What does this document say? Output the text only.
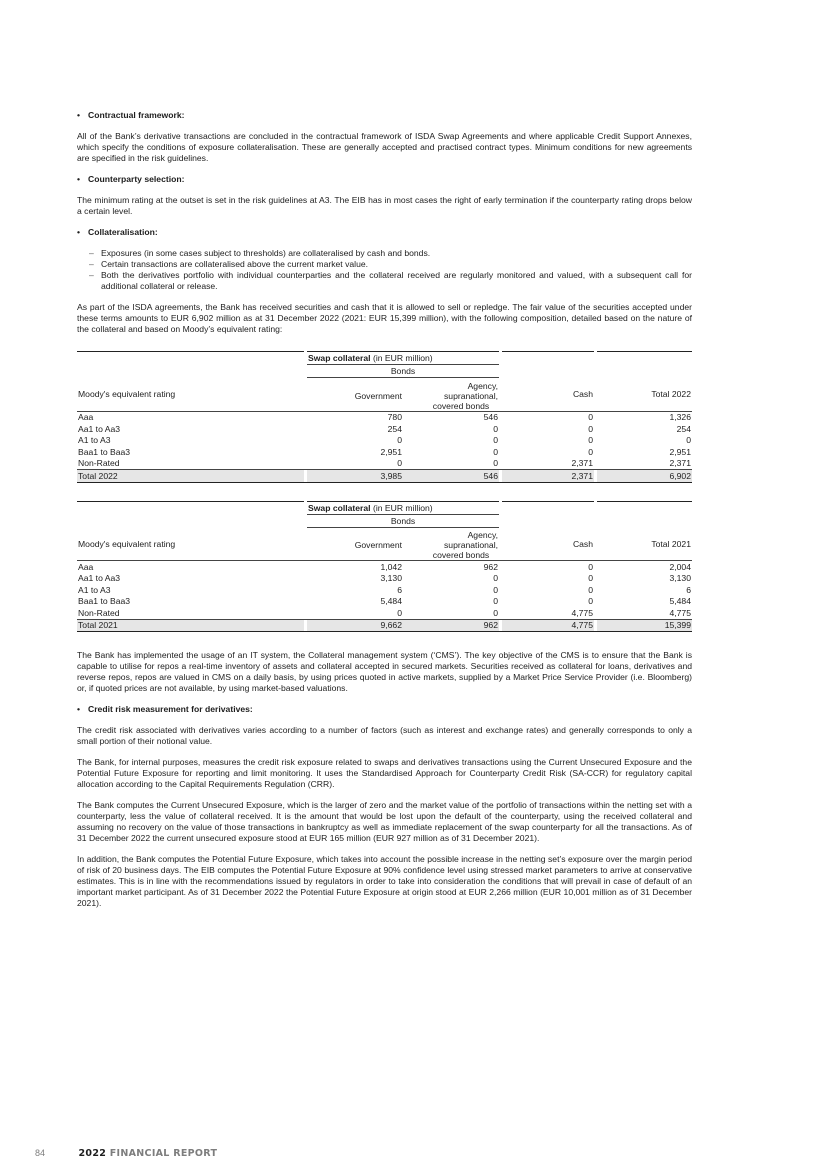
• Contractual framework:

All of the Bank’s derivative transactions are concluded in the contractual framework of ISDA Swap Agreements and where applicable Credit Support Annexes, which specify the conditions of exposure collateralisation. These are generally accepted and practised contract types. Minimum conditions for new agreements are specified in the risk guidelines.

• Counterparty selection:

The minimum rating at the outset is set in the risk guidelines at A3. The EIB has in most cases the right of early termination if the counterparty rating drops below a certain level.

• Collateralisation:
– Exposures (in some cases subject to thresholds) are collateralised by cash and bonds.
– Certain transactions are collateralised above the current market value.
– Both the derivatives portfolio with individual counterparties and the collateral received are regularly monitored and valued, with a subsequent call for additional collateral or release.

As part of the ISDA agreements, the Bank has received securities and cash that it is allowed to sell or repledge. The fair value of the securities accepted under these terms amounts to EUR 6,902 million as at 31 December 2022 (2021: EUR 15,399 million), with the following composition, detailed based on the nature of the collateral and based on Moody’s equivalent rating:

		Swap collateral (in EUR million)					
		Bonds					
Moody's equivalent rating		Government	Agency,
supranational,
covered bonds		Cash		Total 2022
Aaa		780	546		0		1,326
Aa1 to Aa3		254	0		0		254
A1 to A3		0	0		0		0
Baa1 to Baa3		2,951	0		0		2,951
Non-Rated		0	0		2,371		2,371
Total 2022		3,985	546		2,371		6,902
		Swap collateral (in EUR million)					
		Bonds					
Moody's equivalent rating		Government	Agency,
supranational,
covered bonds		Cash		Total 2021
Aaa		1,042	962		0		2,004
Aa1 to Aa3		3,130	0		0		3,130
A1 to A3		6	0		0		6
Baa1 to Baa3		5,484	0		0		5,484
Non-Rated		0	0		4,775		4,775
Total 2021		9,662	962		4,775		15,399

The Bank has implemented the usage of an IT system, the Collateral management system (‘CMS’). The key objective of the CMS is to ensure that the Bank is capable to utilise for repos a real-time inventory of assets and collateral accepted in secured markets. Securities received as collateral for loans, derivatives and reverse repos, repos are valued in CMS on a daily basis, by using prices quoted in active markets, supplied by a Market Price Service Provider (i.e. Bloomberg) or, if quoted prices are not available, by using market-based valuations.

• Credit risk measurement for derivatives:

The credit risk associated with derivatives varies according to a number of factors (such as interest and exchange rates) and generally corresponds to only a small portion of their notional value.

The Bank, for internal purposes, measures the credit risk exposure related to swaps and derivatives transactions using the Current Unsecured Exposure and the Potential Future Exposure for reporting and limit monitoring. It uses the Standardised Approach for Counterparty Credit Risk (SA-CCR) for regulatory capital allocation according to the Capital Requirements Regulation (CRR).

The Bank computes the Current Unsecured Exposure, which is the larger of zero and the market value of the portfolio of transactions within the netting set with a counterparty, less the value of collateral received. It is the amount that would be lost upon the default of the counterparty, using the received collateral and assuming no recovery on the value of those transactions in bankruptcy as well as immediate replacement of the swap counterparty for all the transactions. As of 31 December 2022 the current unsecured exposure stood at EUR 165 million (EUR 927 million as of 31 December 2021).

In addition, the Bank computes the Potential Future Exposure, which takes into account the possible increase in the netting set’s exposure over the margin period of risk of 20 business days. The EIB computes the Potential Future Exposure at 90% confidence level using stressed market parameters to arrive at conservative estimates. This is in line with the recommendations issued by regulators in order to take into consideration the conditions that will prevail in case of default of an important market participant. As of 31 December 2022 the Potential Future Exposure at origin stood at EUR 2,266 million (EUR 10,001 million as of 31 December 2021).

84	2022 FINANCIAL REPORT
